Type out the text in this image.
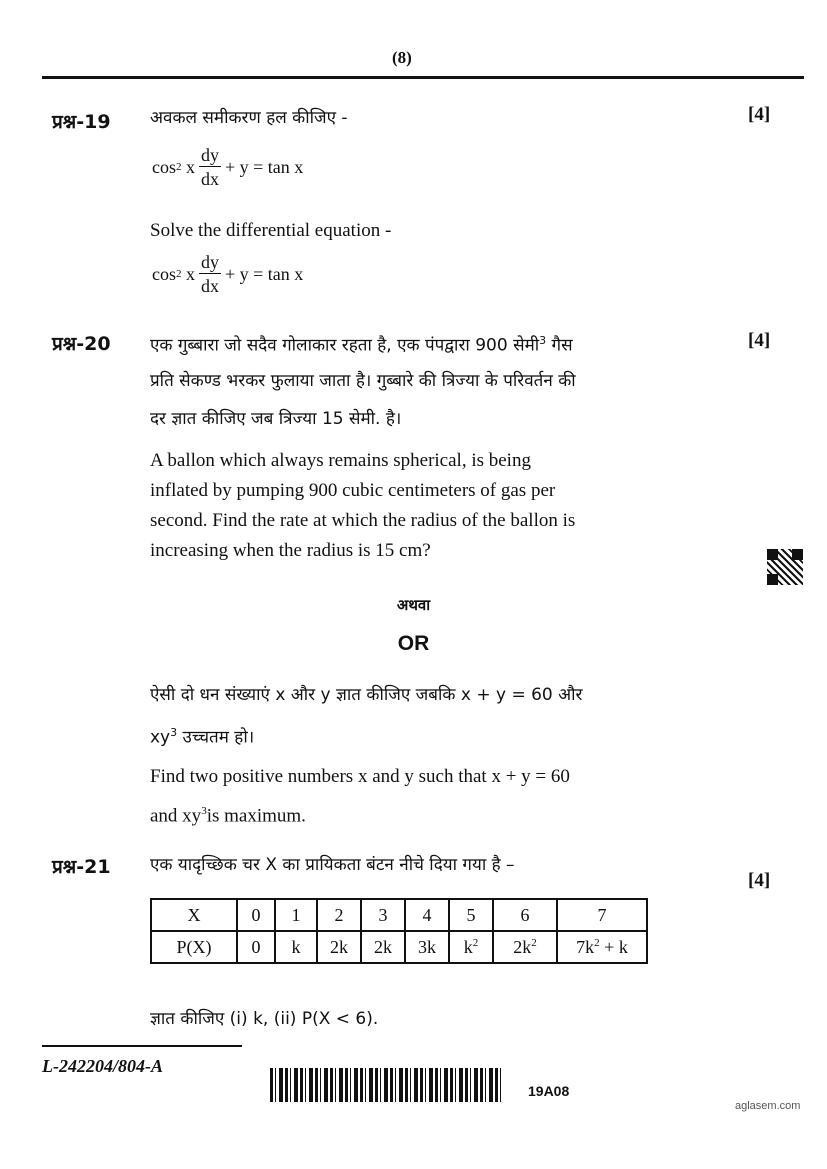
(8)
प्रश्न-19 अवकल समीकरण हल कीजिए -	[4]
cos 2
x $\frac{dy}{dx} + y = \tan x$
Solve the differential equation -
cos 2
x $\frac{dy}{dx} + y = \tan x$
प्रश्न-20	[4]
एक गुब्बारा जो सदैव गोलाकार रहता है, एक पंपद्वारा 900 सेमी$^3$ गैस
प्रति सेकण्ड भरकर फुलाया जाता है। गुब्बारे की त्रिज्या के परिवर्तन की
दर ज्ञात कीजिए जब त्रिज्या 15 सेमी. है।
A ballon which always remains spherical, is being
inflated by pumping 900 cubic centimeters of gas per
second. Find the rate at which the radius of the ballon is
increasing when the radius is 15 cm?
अथवा
OR
ऐसी दो धन संख्याएं x और y ज्ञात कीजिए जबकि x + y = 60 और
$xy^3$ उच्चतम हो।
Find two positive numbers x and y such that x + y = 60
and $xy^3is$ maximum.
प्रश्न-21 एक यादृच्छिक चर X का प्रायिकता बंटन नीचे दिया गया है –
[4]
X	0	1	2	3	4	5	6	7
P(X)	0	k	2k	2k	3k	$k^2$	$2k^2$	$7k^2 + k$
ज्ञात कीजिए (i) k, (ii) P(X < 6).
L-242204/804-A
19A08
aglasem.com
